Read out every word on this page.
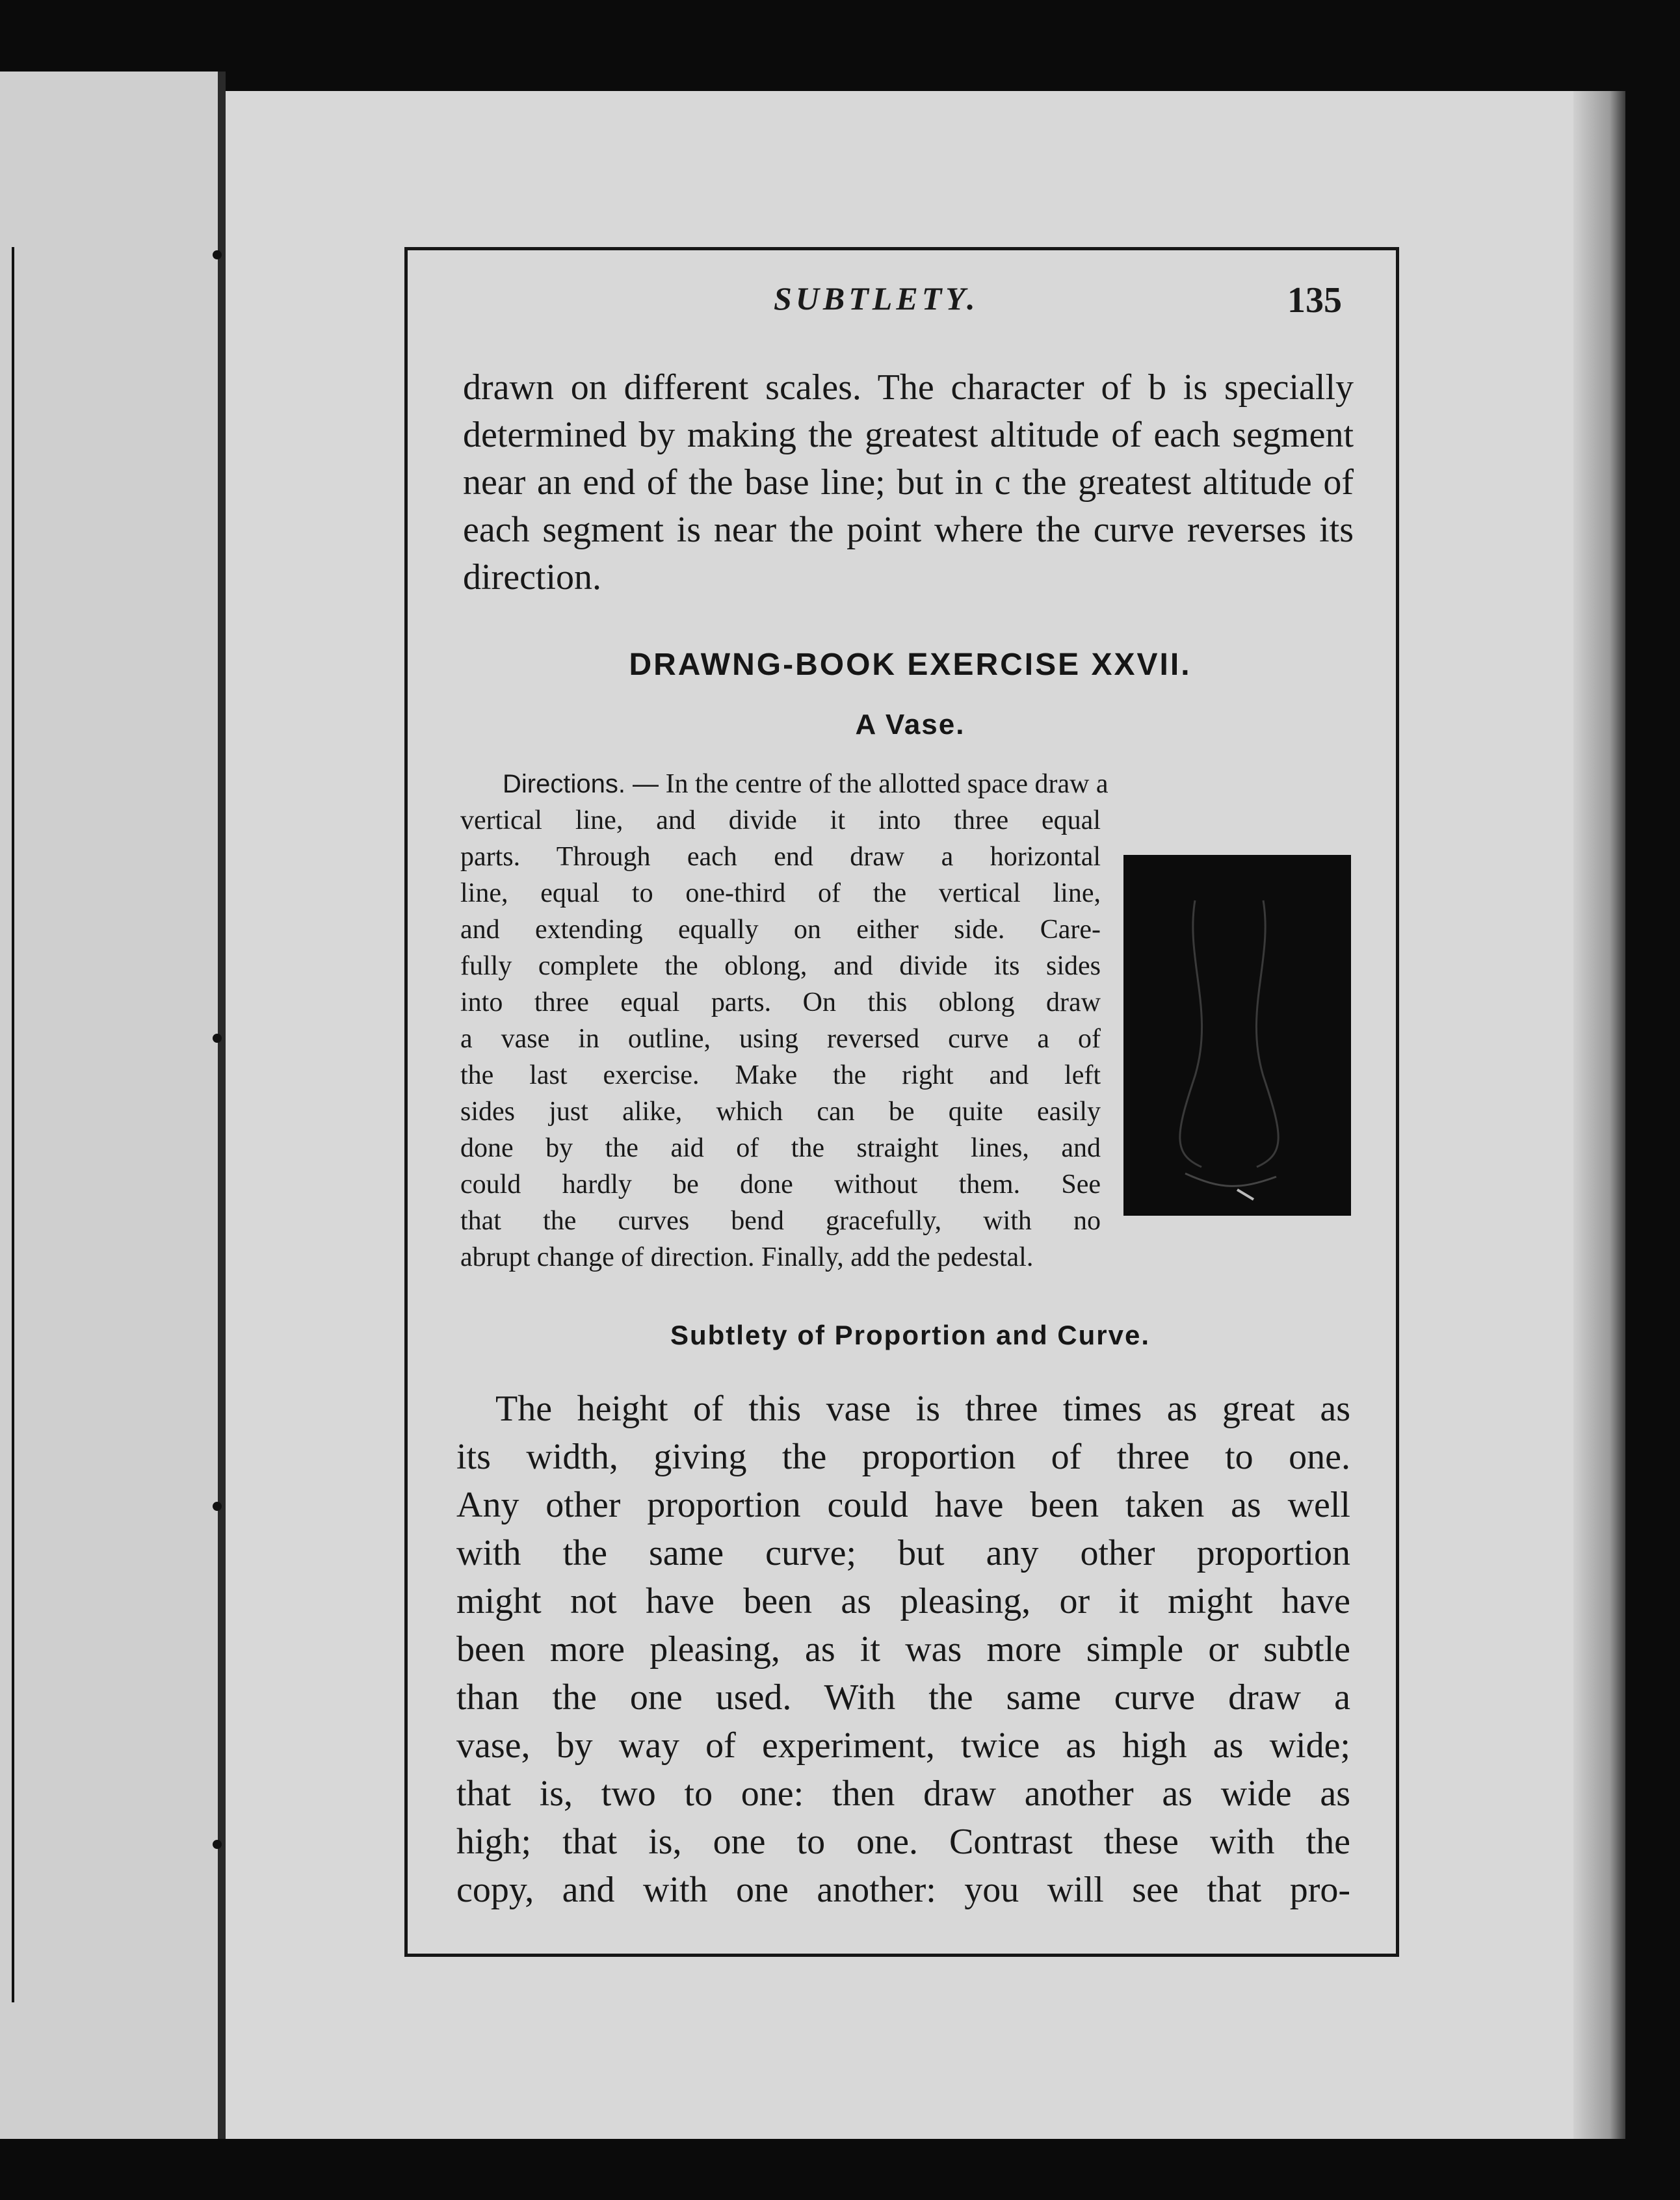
SUBTLETY.	135
drawn on different scales. The character of b is specially determined by making the greatest altitude of each segment near an end of the base line; but in c the greatest altitude of each segment is near the point where the curve reverses its direction.
DRAWNG-BOOK EXERCISE XXVII.
A Vase.
Directions. — In the centre of the allotted space draw a
vertical line, and divide it into three equal
parts. Through each end draw a horizontal
line, equal to one-third of the vertical line,
and extending equally on either side. Care-
fully complete the oblong, and divide its sides
into three equal parts. On this oblong draw
a vase in outline, using reversed curve a of
the last exercise. Make the right and left
sides just alike, which can be quite easily
done by the aid of the straight lines, and
could hardly be done without them. See
that the curves bend gracefully, with no
abrupt change of direction. Finally, add the pedestal.
Subtlety of Proportion and Curve.
The height of this vase is three times as great as
its width, giving the proportion of three to one.
Any other proportion could have been taken as well
with the same curve; but any other proportion
might not have been as pleasing, or it might have
been more pleasing, as it was more simple or subtle
than the one used. With the same curve draw a
vase, by way of experiment, twice as high as wide;
that is, two to one: then draw another as wide as
high; that is, one to one. Contrast these with the
copy, and with one another: you will see that pro-
